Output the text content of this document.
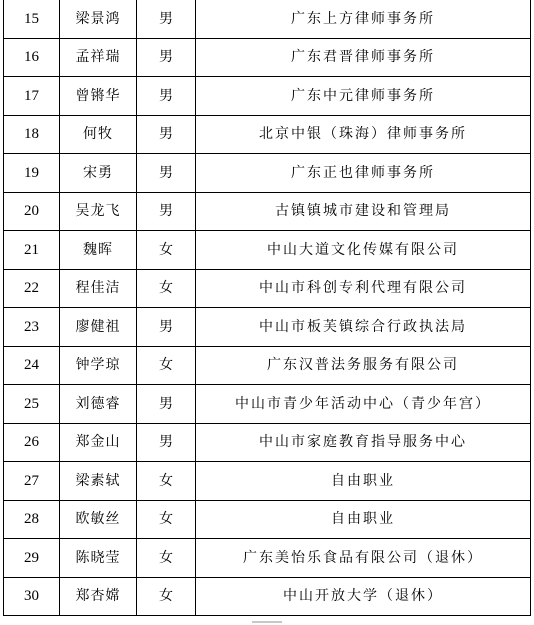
15	梁景鸿	男	广东上方律师事务所
16	孟祥瑞	男	广东君晋律师事务所
17	曾锵华	男	广东中元律师事务所
18	何牧	男	北京中银（珠海）律师事务所
19	宋勇	男	广东正也律师事务所
20	吴龙飞	男	古镇镇城市建设和管理局
21	魏晖	女	中山大道文化传媒有限公司
22	程佳洁	女	中山市科创专利代理有限公司
23	廖健祖	男	中山市板芙镇综合行政执法局
24	钟学琼	女	广东汉普法务服务有限公司
25	刘德睿	男	中山市青少年活动中心（青少年宫）
26	郑金山	男	中山市家庭教育指导服务中心
27	梁素轼	女	自由职业
28	欧敏丝	女	自由职业
29	陈晓莹	女	广东美怡乐食品有限公司（退休）
30	郑杏嫦	女	中山开放大学（退休）
